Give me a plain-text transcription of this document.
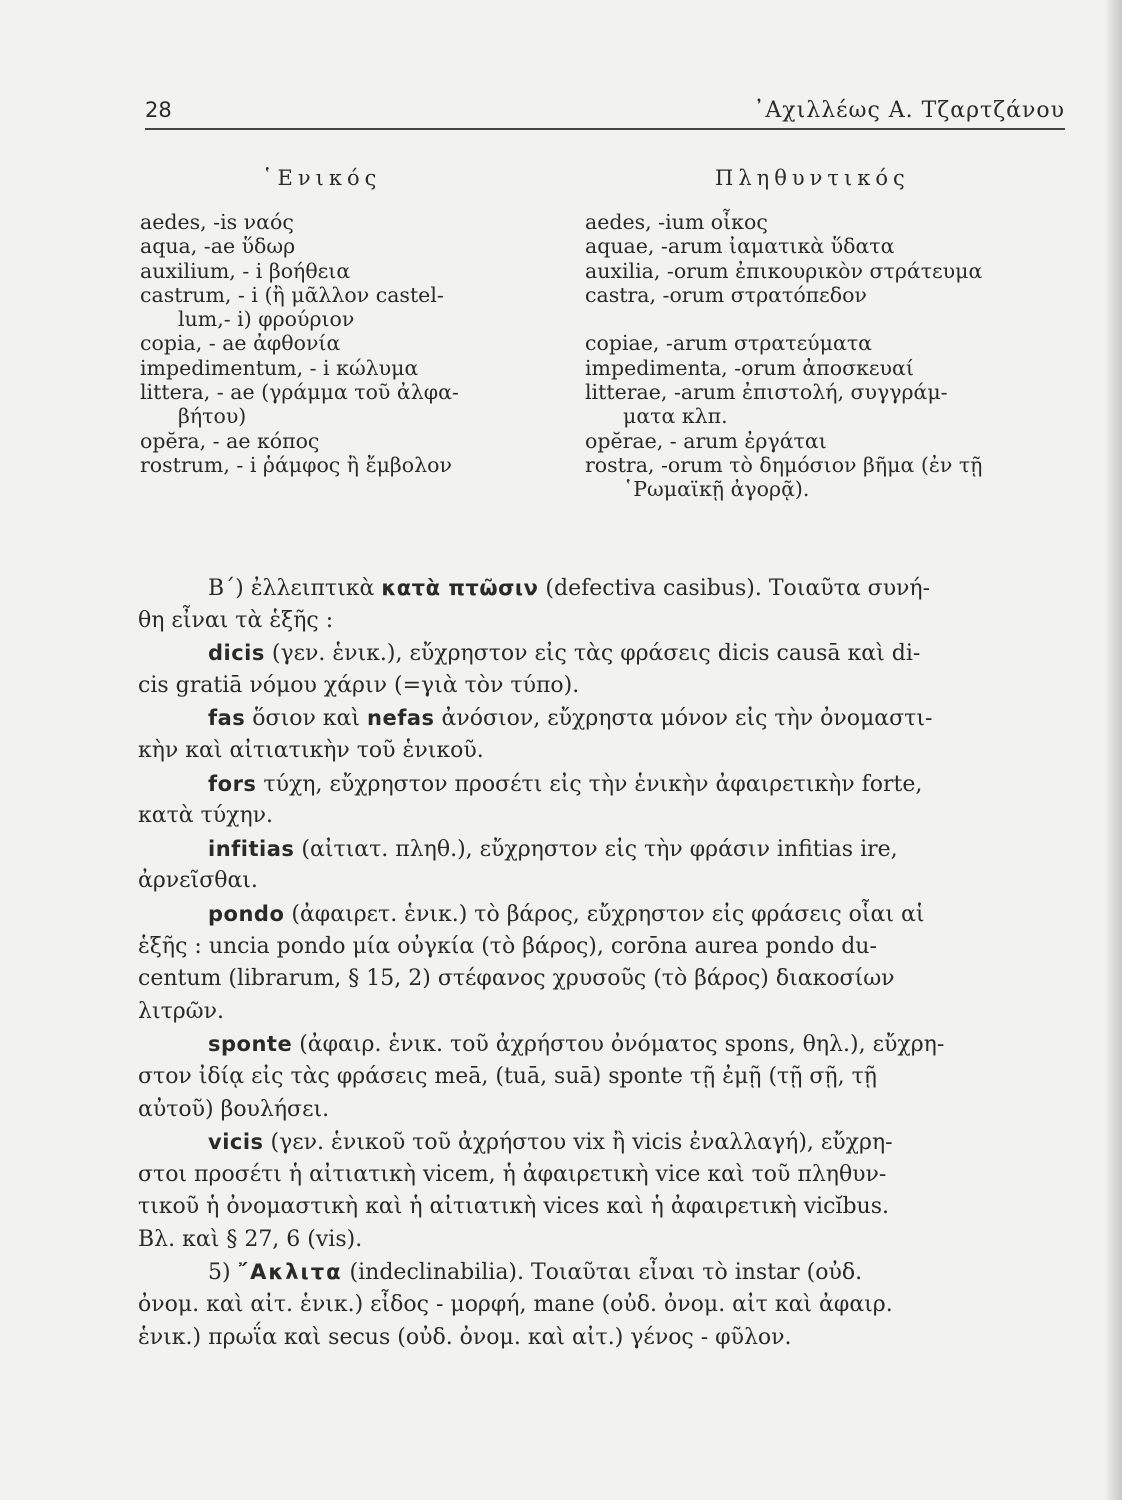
28	᾿Αχιλλέως Α. Τζαρτζάνου
῾Ενικός	Πληθυντικός
aedes, -is ναός
aqua, -ae ὕδωρ
auxilium, - i βοήθεια
castrum, - i (ἢ μᾶλλον castel-
lum,- i) φρούριον
copia, - ae ἀφθονία
impedimentum, - i κώλυμα
littera, - ae (γράμμα τοῦ ἀλφα-
βήτου)
opĕra, - ae κόπος
rostrum, - i ῥάμφος ἢ ἔμβολον
aedes, -ium οἶκος
aquae, -arum ἰαματικὰ ὕδατα
auxilia, -orum ἐπικουρικὸν στράτευμα
castra, -orum στρατόπεδον
copiae, -arum στρατεύματα
impedimenta, -orum ἀποσκευαί
litterae, -arum ἐπιστολή, συγγράμ-
ματα κλπ.
opĕrae, - arum ἐργάται
rostra, -orum τὸ δημόσιον βῆμα (ἐν τῇ
῾Ρωμαϊκῇ ἀγορᾷ).
Β΄) ἐλλειπτικὰ κατὰ πτῶσιν (defectiva casibus). Τοιαῦτα συνή-
θη εἶναι τὰ ἑξῆς :
dicis (γεν. ἑνικ.), εὔχρηστον εἰς τὰς φράσεις dicis causā καὶ di-
cis gratiā νόμου χάριν (=γιὰ τὸν τύπο).
fas ὅσιον καὶ nefas ἀνόσιον, εὔχρηστα μόνον εἰς τὴν ὀνομαστι-
κὴν καὶ αἰτιατικὴν τοῦ ἑνικοῦ.
fors τύχη, εὔχρηστον προσέτι εἰς τὴν ἑνικὴν ἀφαιρετικὴν forte,
κατὰ τύχην.
infitias (αἰτιατ. πληθ.), εὔχρηστον εἰς τὴν φράσιν infitias ire,
ἀρνεῖσθαι.
pondo (ἀφαιρετ. ἑνικ.) τὸ βάρος, εὔχρηστον εἰς φράσεις οἷαι αἱ
ἑξῆς : uncia pondo μία οὐγκία (τὸ βάρος), corōna aurea pondo du-
centum (librarum, § 15, 2) στέφανος χρυσοῦς (τὸ βάρος) διακοσίων
λιτρῶν.
sponte (ἀφαιρ. ἑνικ. τοῦ ἀχρήστου ὀνόματος spons, θηλ.), εὔχρη-
στον ἰδίᾳ εἰς τὰς φράσεις meā, (tuā, suā) sponte τῇ ἐμῇ (τῇ σῇ, τῇ
αὐτοῦ) βουλήσει.
vicis (γεν. ἑνικοῦ τοῦ ἀχρήστου vix ἢ vicis ἐναλλαγή), εὔχρη-
στοι προσέτι ἡ αἰτιατικὴ vicem, ἡ ἀφαιρετικὴ vice καὶ τοῦ πληθυν-
τικοῦ ἡ ὀνομαστικὴ καὶ ἡ αἰτιατικὴ vices καὶ ἡ ἀφαιρετικὴ vicĭbus.
Βλ. καὶ § 27, 6 (vis).
5) ῎Ακλιτα (indeclinabilia). Τοιαῦται εἶναι τὸ instar (οὐδ.
ὀνομ. καὶ αἰτ. ἑνικ.) εἶδος - μορφή, mane (οὐδ. ὀνομ. αἰτ καὶ ἀφαιρ.
ἑνικ.) πρωΐα καὶ secus (οὐδ. ὀνομ. καὶ αἰτ.) γένος - φῦλον.
